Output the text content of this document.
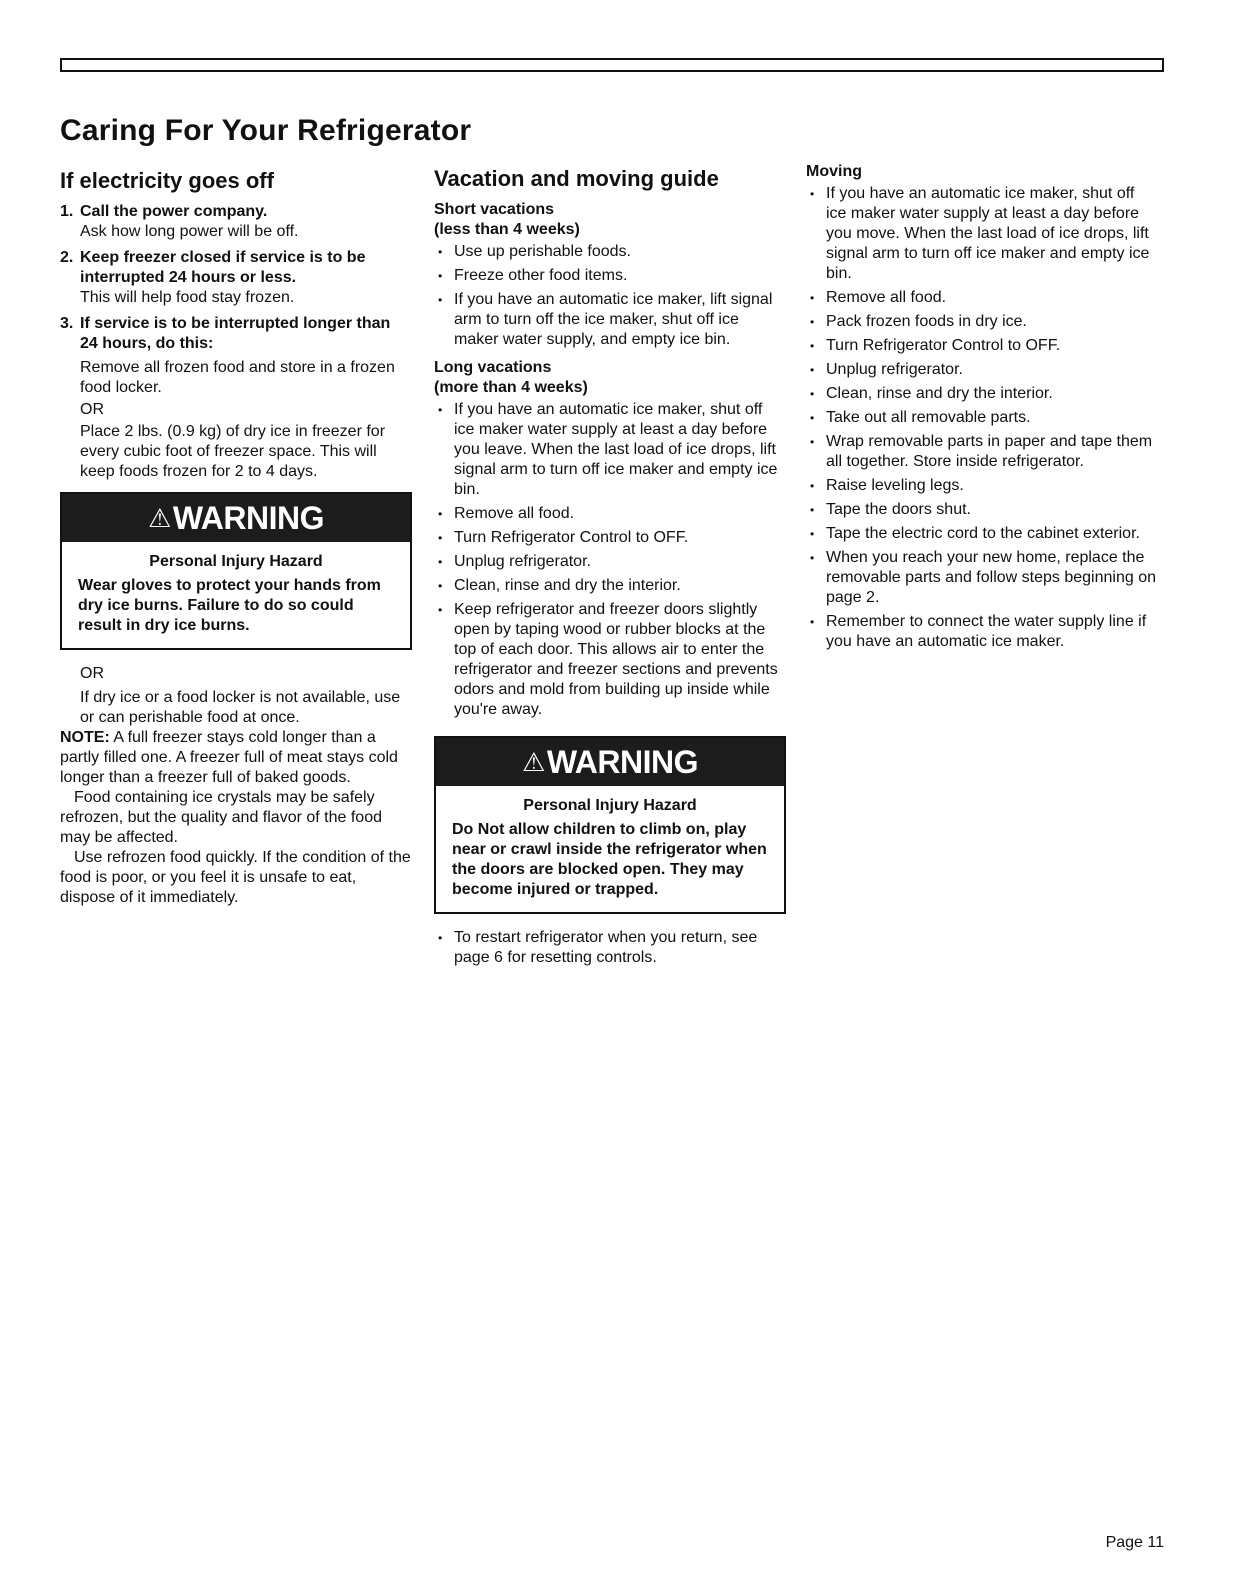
Caring For Your Refrigerator
If electricity goes off
1. Call the power company.

Ask how long power will be off.

2. Keep freezer closed if service is to be interrupted 24 hours or less.

This will help food stay frozen.

3. If service is to be interrupted longer than 24 hours, do this:

Remove all frozen food and store in a frozen food locker.

OR

Place 2 lbs. (0.9 kg) of dry ice in freezer for every cubic foot of freezer space. This will keep foods frozen for 2 to 4 days.

⚠ WARNING
Personal Injury Hazard
Wear gloves to protect your hands from dry ice burns. Failure to do so could result in dry ice burns.
OR
If dry ice or a food locker is not available, use or can perishable food at once.

NOTE: A full freezer stays cold longer than a partly filled one. A freezer full of meat stays cold longer than a freezer full of baked goods.

Food containing ice crystals may be safely refrozen, but the quality and flavor of the food may be affected.

Use refrozen food quickly. If the condition of the food is poor, or you feel it is unsafe to eat, dispose of it immediately.

Vacation and moving guide
Short vacations
(less than 4 weeks)
• Use up perishable foods.
• Freeze other food items.
• If you have an automatic ice maker, lift signal arm to turn off the ice maker, shut off ice maker water supply, and empty ice bin.
Long vacations
(more than 4 weeks)
• If you have an automatic ice maker, shut off ice maker water supply at least a day before you leave. When the last load of ice drops, lift signal arm to turn off ice maker and empty ice bin.
• Remove all food.
• Turn Refrigerator Control to OFF.
• Unplug refrigerator.
• Clean, rinse and dry the interior.
• Keep refrigerator and freezer doors slightly open by taping wood or rubber blocks at the top of each door. This allows air to enter the refrigerator and freezer sections and prevents odors and mold from building up inside while you're away.
⚠ WARNING
Personal Injury Hazard
Do Not allow children to climb on, play near or crawl inside the refrigerator when the doors are blocked open. They may become injured or trapped.
• To restart refrigerator when you return, see page 6 for resetting controls.
Moving
• If you have an automatic ice maker, shut off ice maker water supply at least a day before you move. When the last load of ice drops, lift signal arm to turn off ice maker and empty ice bin.
• Remove all food.
• Pack frozen foods in dry ice.
• Turn Refrigerator Control to OFF.
• Unplug refrigerator.
• Clean, rinse and dry the interior.
• Take out all removable parts.
• Wrap removable parts in paper and tape them all together. Store inside refrigerator.
• Raise leveling legs.
• Tape the doors shut.
• Tape the electric cord to the cabinet exterior.
• When you reach your new home, replace the removable parts and follow steps beginning on page 2.
• Remember to connect the water supply line if you have an automatic ice maker.
Page 11
